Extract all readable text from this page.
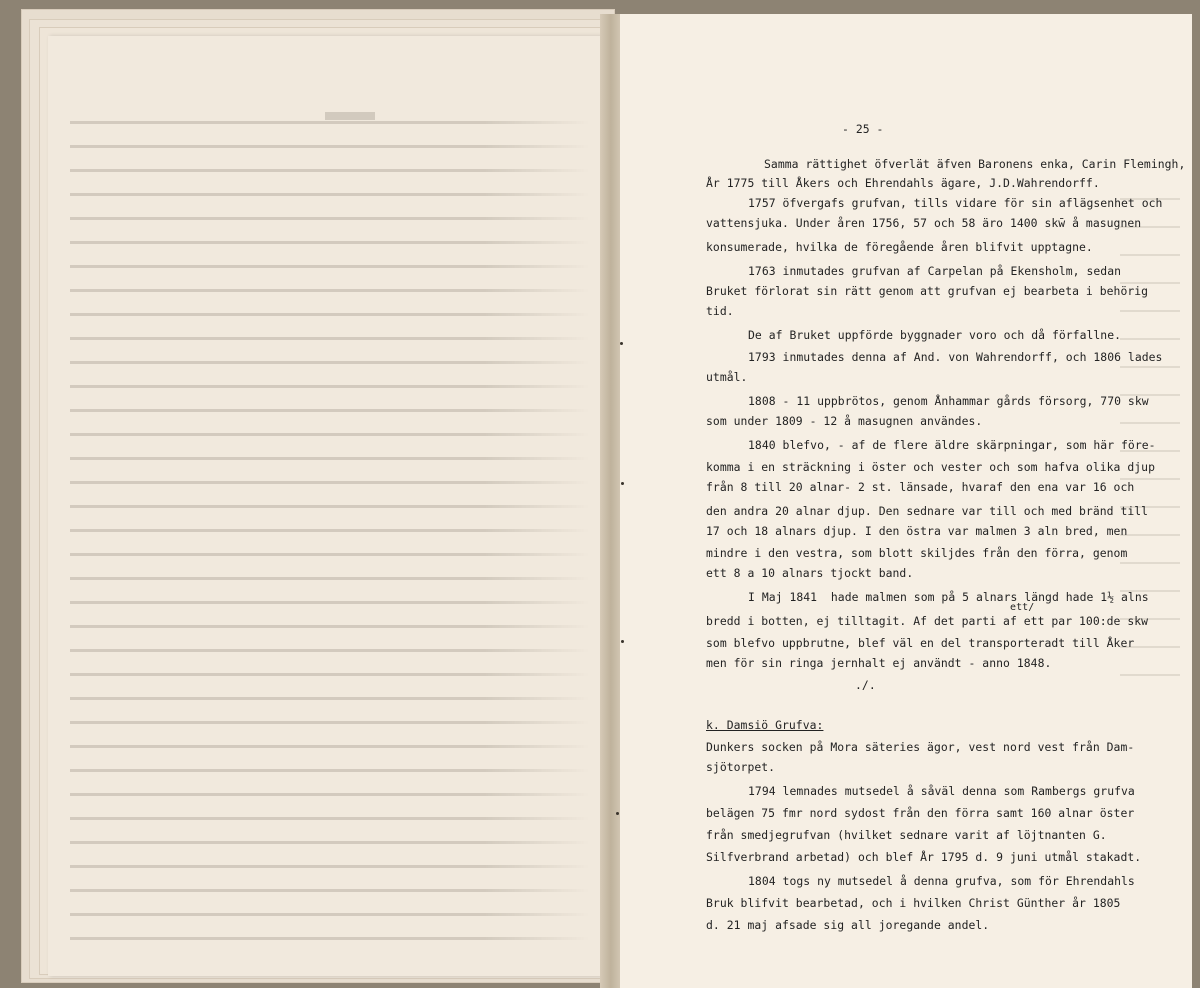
- 25 -

Samma rättighet öfverlät äfven Baronens enka, Carin Flemingh,

År 1775 till Åkers och Ehrendahls ägare, J.D.Wahrendorff.

1757 öfvergafs grufvan, tills vidare för sin aflägsenhet och

vattensjuka. Under åren 1756, 57 och 58 äro 1400 skw̄ å masugnen

konsumerade, hvilka de föregående åren blifvit upptagne.

1763 inmutades grufvan af Carpelan på Ekensholm, sedan

Bruket förlorat sin rätt genom att grufvan ej bearbeta i behörig

tid.

De af Bruket uppförde byggnader voro och då förfallne.

1793 inmutades denna af And. von Wahrendorff, och 1806 lades

utmål.

1808 - 11 uppbrötos, genom Ånhammar gårds försorg, 770 skw

som under 1809 - 12 å masugnen användes.

1840 blefvo, - af de flere äldre skärpningar, som här före-

komma i en sträckning i öster och vester och som hafva olika djup

från 8 till 20 alnar- 2 st. länsade, hvaraf den ena var 16 och

den andra 20 alnar djup. Den sednare var till och med bränd till

17 och 18 alnars djup. I den östra var malmen 3 aln bred, men

mindre i den vestra, som blott skiljdes från den förra, genom

ett 8 a 10 alnars tjockt band.

I Maj 1841  hade malmen som på 5 alnars längd hade 1½ alns

ett/

bredd i botten, ej tilltagit. Af det parti af ett par 100:de skw

som blefvo uppbrutne, blef väl en del transporteradt till Åker

men för sin ringa jernhalt ej användt - anno 1848.

./.

k. Damsiö Grufva:

Dunkers socken på Mora säteries ägor, vest nord vest från Dam-

sjötorpet.

1794 lemnades mutsedel å såväl denna som Rambergs grufva

belägen 75 fmr nord sydost från den förra samt 160 alnar öster

från smedjegrufvan (hvilket sednare varit af löjtnanten G.

Silfverbrand arbetad) och blef År 1795 d. 9 juni utmål stakadt.

1804 togs ny mutsedel å denna grufva, som för Ehrendahls

Bruk blifvit bearbetad, och i hvilken Christ Günther år 1805

d. 21 maj afsade sig all joregande andel.
